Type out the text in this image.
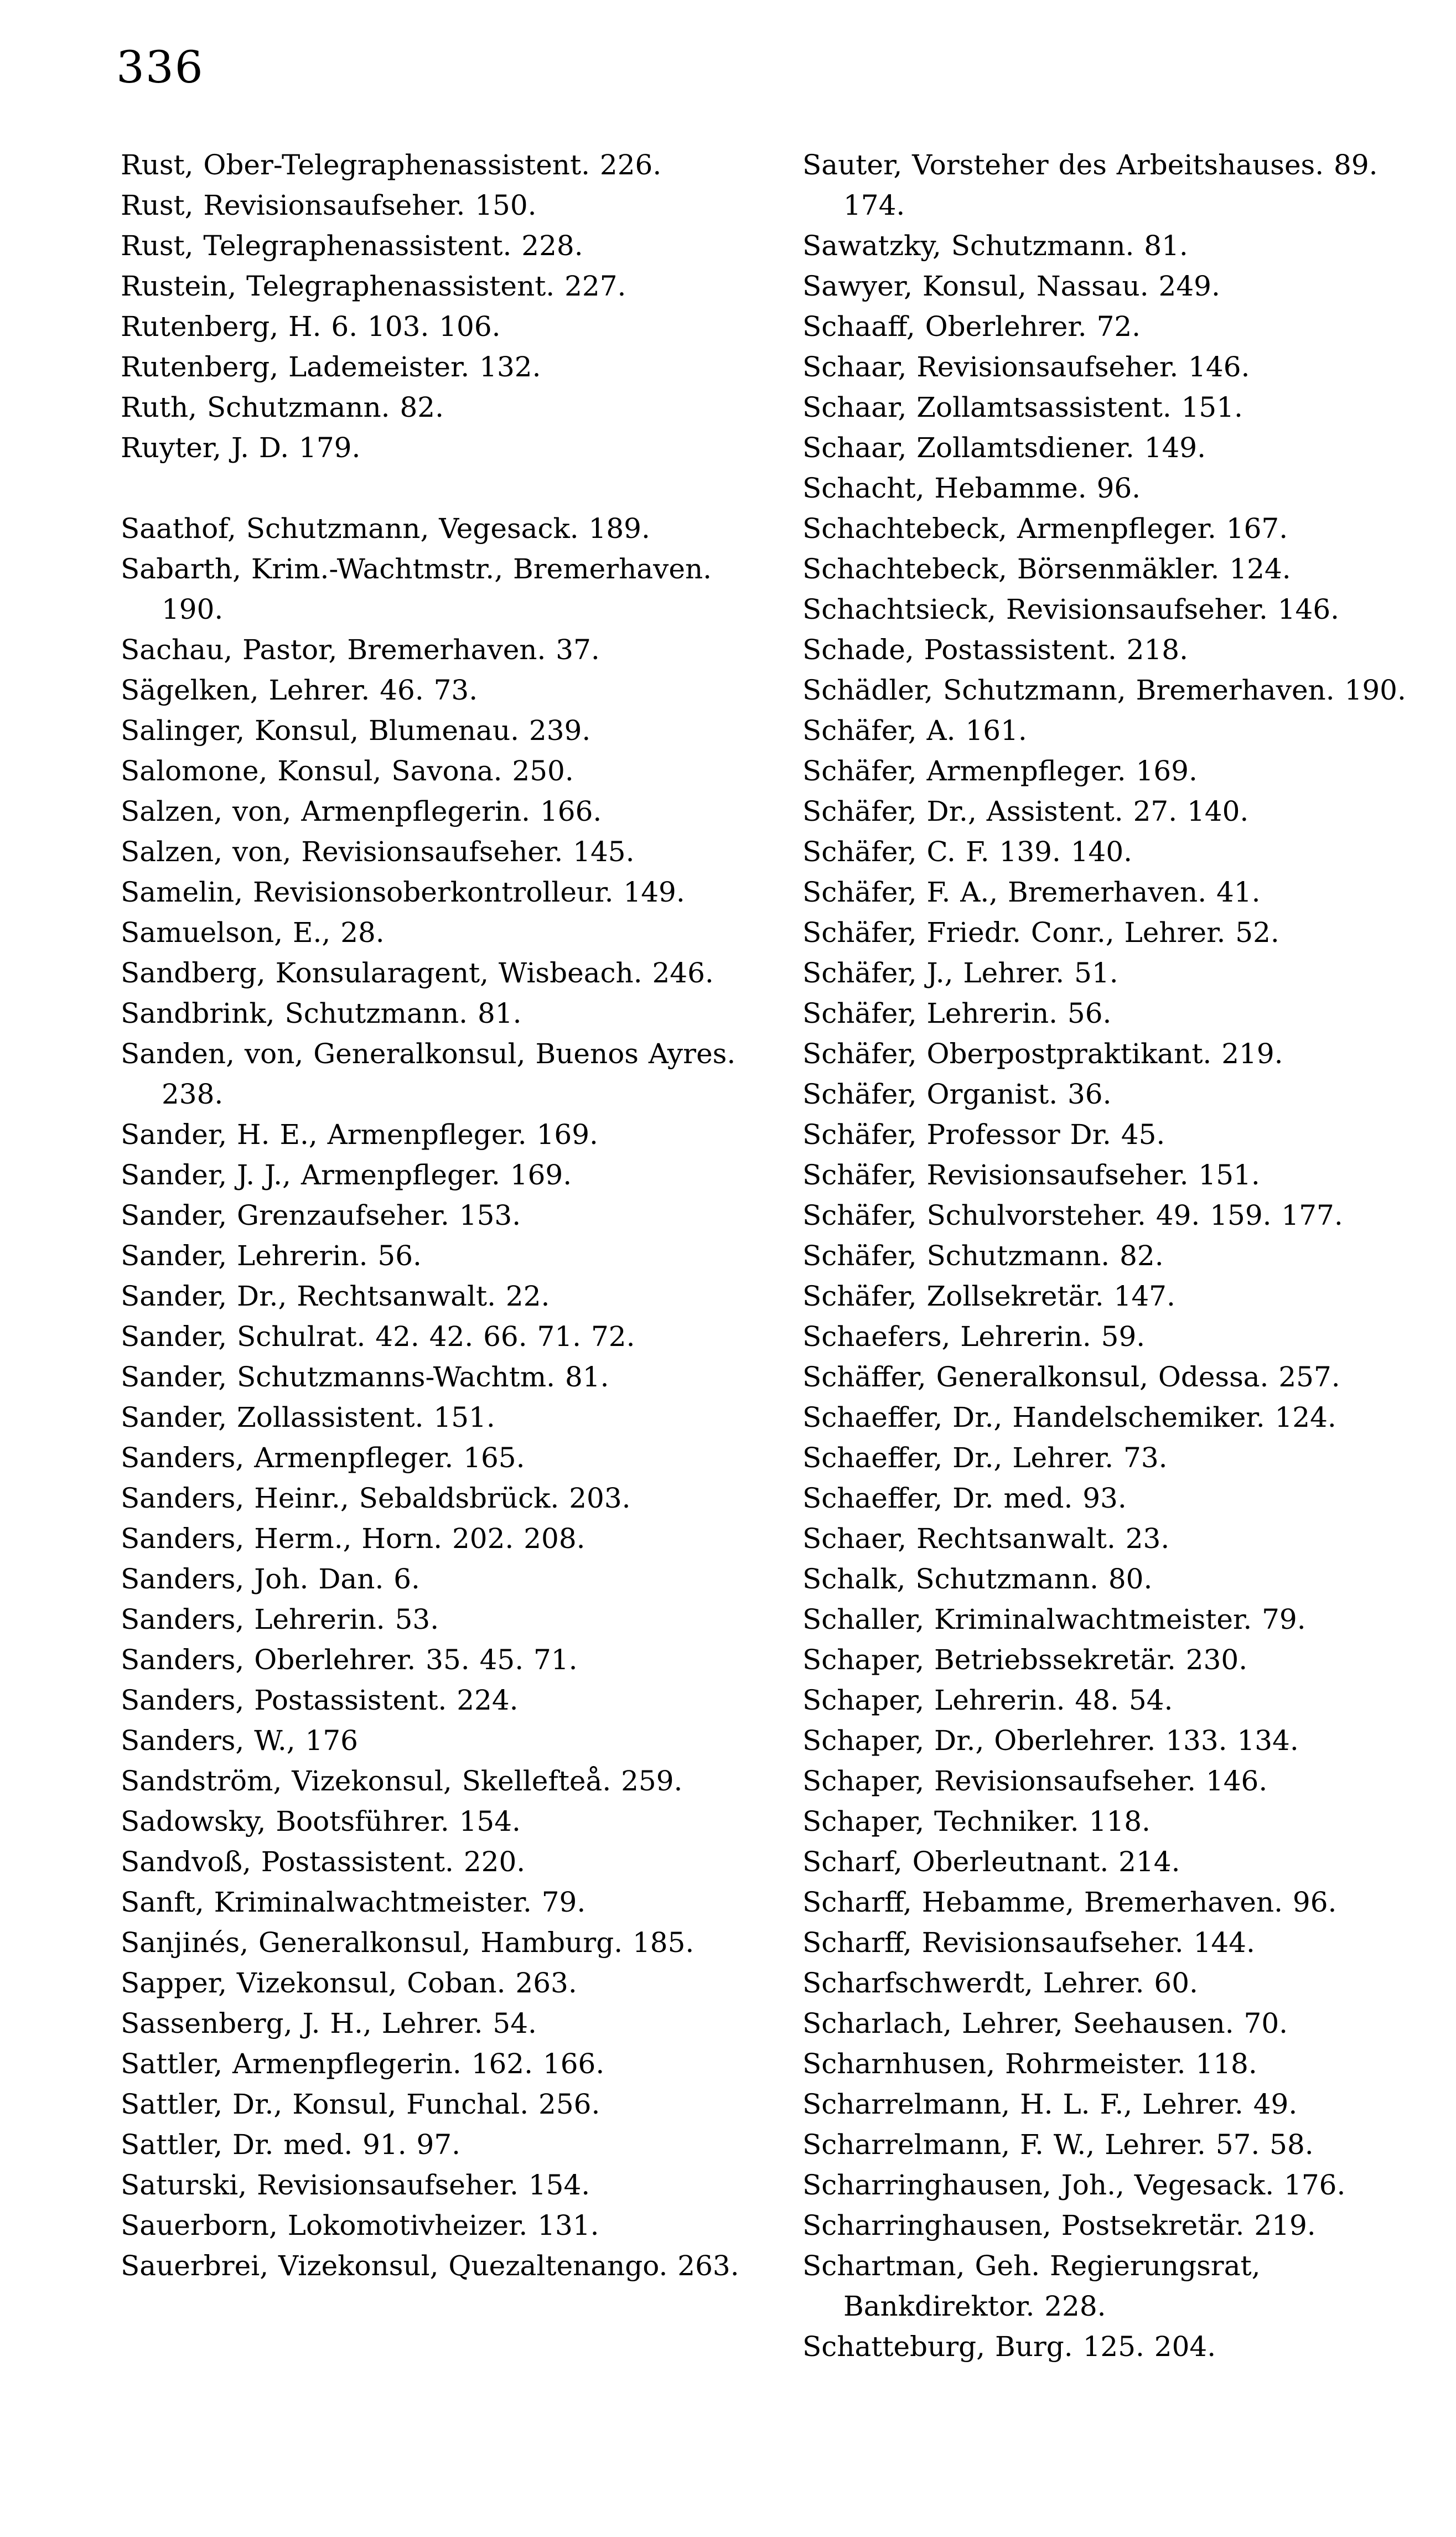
336
Rust, Ober-Telegraphenassistent. 226.
Rust, Revisionsaufseher. 150.
Rust, Telegraphenassistent. 228.
Rustein, Telegraphenassistent. 227.
Rutenberg, H. 6. 103. 106.
Rutenberg, Lademeister. 132.
Ruth, Schutzmann. 82.
Ruyter, J. D. 179.
Saathof, Schutzmann, Vegesack. 189.
Sabarth, Krim.-Wachtmstr., Bremerhaven. 190.
Sachau, Pastor, Bremerhaven. 37.
Sägelken, Lehrer. 46. 73.
Salinger, Konsul, Blumenau. 239.
Salomone, Konsul, Savona. 250.
Salzen, von, Armenpflegerin. 166.
Salzen, von, Revisionsaufseher. 145.
Samelin, Revisionsoberkontrolleur. 149.
Samuelson, E., 28.
Sandberg, Konsularagent, Wisbeach. 246.
Sandbrink, Schutzmann. 81.
Sanden, von, Generalkonsul, Buenos Ayres. 238.
Sander, H. E., Armenpfleger. 169.
Sander, J. J., Armenpfleger. 169.
Sander, Grenzaufseher. 153.
Sander, Lehrerin. 56.
Sander, Dr., Rechtsanwalt. 22.
Sander, Schulrat. 42. 42. 66. 71. 72.
Sander, Schutzmanns-Wachtm. 81.
Sander, Zollassistent. 151.
Sanders, Armenpfleger. 165.
Sanders, Heinr., Sebaldsbrück. 203.
Sanders, Herm., Horn. 202. 208.
Sanders, Joh. Dan. 6.
Sanders, Lehrerin. 53.
Sanders, Oberlehrer. 35. 45. 71.
Sanders, Postassistent. 224.
Sanders, W., 176
Sandström, Vizekonsul, Skellefteå. 259.
Sadowsky, Bootsführer. 154.
Sandvoß, Postassistent. 220.
Sanft, Kriminalwachtmeister. 79.
Sanjinés, Generalkonsul, Hamburg. 185.
Sapper, Vizekonsul, Coban. 263.
Sassenberg, J. H., Lehrer. 54.
Sattler, Armenpflegerin. 162. 166.
Sattler, Dr., Konsul, Funchal. 256.
Sattler, Dr. med. 91. 97.
Saturski, Revisionsaufseher. 154.
Sauerborn, Lokomotivheizer. 131.
Sauerbrei, Vizekonsul, Quezaltenango. 263.
Sauter, Vorsteher des Arbeitshauses. 89. 174.
Sawatzky, Schutzmann. 81.
Sawyer, Konsul, Nassau. 249.
Schaaff, Oberlehrer. 72.
Schaar, Revisionsaufseher. 146.
Schaar, Zollamtsassistent. 151.
Schaar, Zollamtsdiener. 149.
Schacht, Hebamme. 96.
Schachtebeck, Armenpfleger. 167.
Schachtebeck, Börsenmäkler. 124.
Schachtsieck, Revisionsaufseher. 146.
Schade, Postassistent. 218.
Schädler, Schutzmann, Bremerhaven. 190.
Schäfer, A. 161.
Schäfer, Armenpfleger. 169.
Schäfer, Dr., Assistent. 27. 140.
Schäfer, C. F. 139. 140.
Schäfer, F. A., Bremerhaven. 41.
Schäfer, Friedr. Conr., Lehrer. 52.
Schäfer, J., Lehrer. 51.
Schäfer, Lehrerin. 56.
Schäfer, Oberpostpraktikant. 219.
Schäfer, Organist. 36.
Schäfer, Professor Dr. 45.
Schäfer, Revisionsaufseher. 151.
Schäfer, Schulvorsteher. 49. 159. 177.
Schäfer, Schutzmann. 82.
Schäfer, Zollsekretär. 147.
Schaefers, Lehrerin. 59.
Schäffer, Generalkonsul, Odessa. 257.
Schaeffer, Dr., Handelschemiker. 124.
Schaeffer, Dr., Lehrer. 73.
Schaeffer, Dr. med. 93.
Schaer, Rechtsanwalt. 23.
Schalk, Schutzmann. 80.
Schaller, Kriminalwachtmeister. 79.
Schaper, Betriebssekretär. 230.
Schaper, Lehrerin. 48. 54.
Schaper, Dr., Oberlehrer. 133. 134.
Schaper, Revisionsaufseher. 146.
Schaper, Techniker. 118.
Scharf, Oberleutnant. 214.
Scharff, Hebamme, Bremerhaven. 96.
Scharff, Revisionsaufseher. 144.
Scharfschwerdt, Lehrer. 60.
Scharlach, Lehrer, Seehausen. 70.
Scharnhusen, Rohrmeister. 118.
Scharrelmann, H. L. F., Lehrer. 49.
Scharrelmann, F. W., Lehrer. 57. 58.
Scharringhausen, Joh., Vegesack. 176.
Scharringhausen, Postsekretär. 219.
Schartman, Geh. Regierungsrat, Bankdirektor. 228.
Schatteburg, Burg. 125. 204.
